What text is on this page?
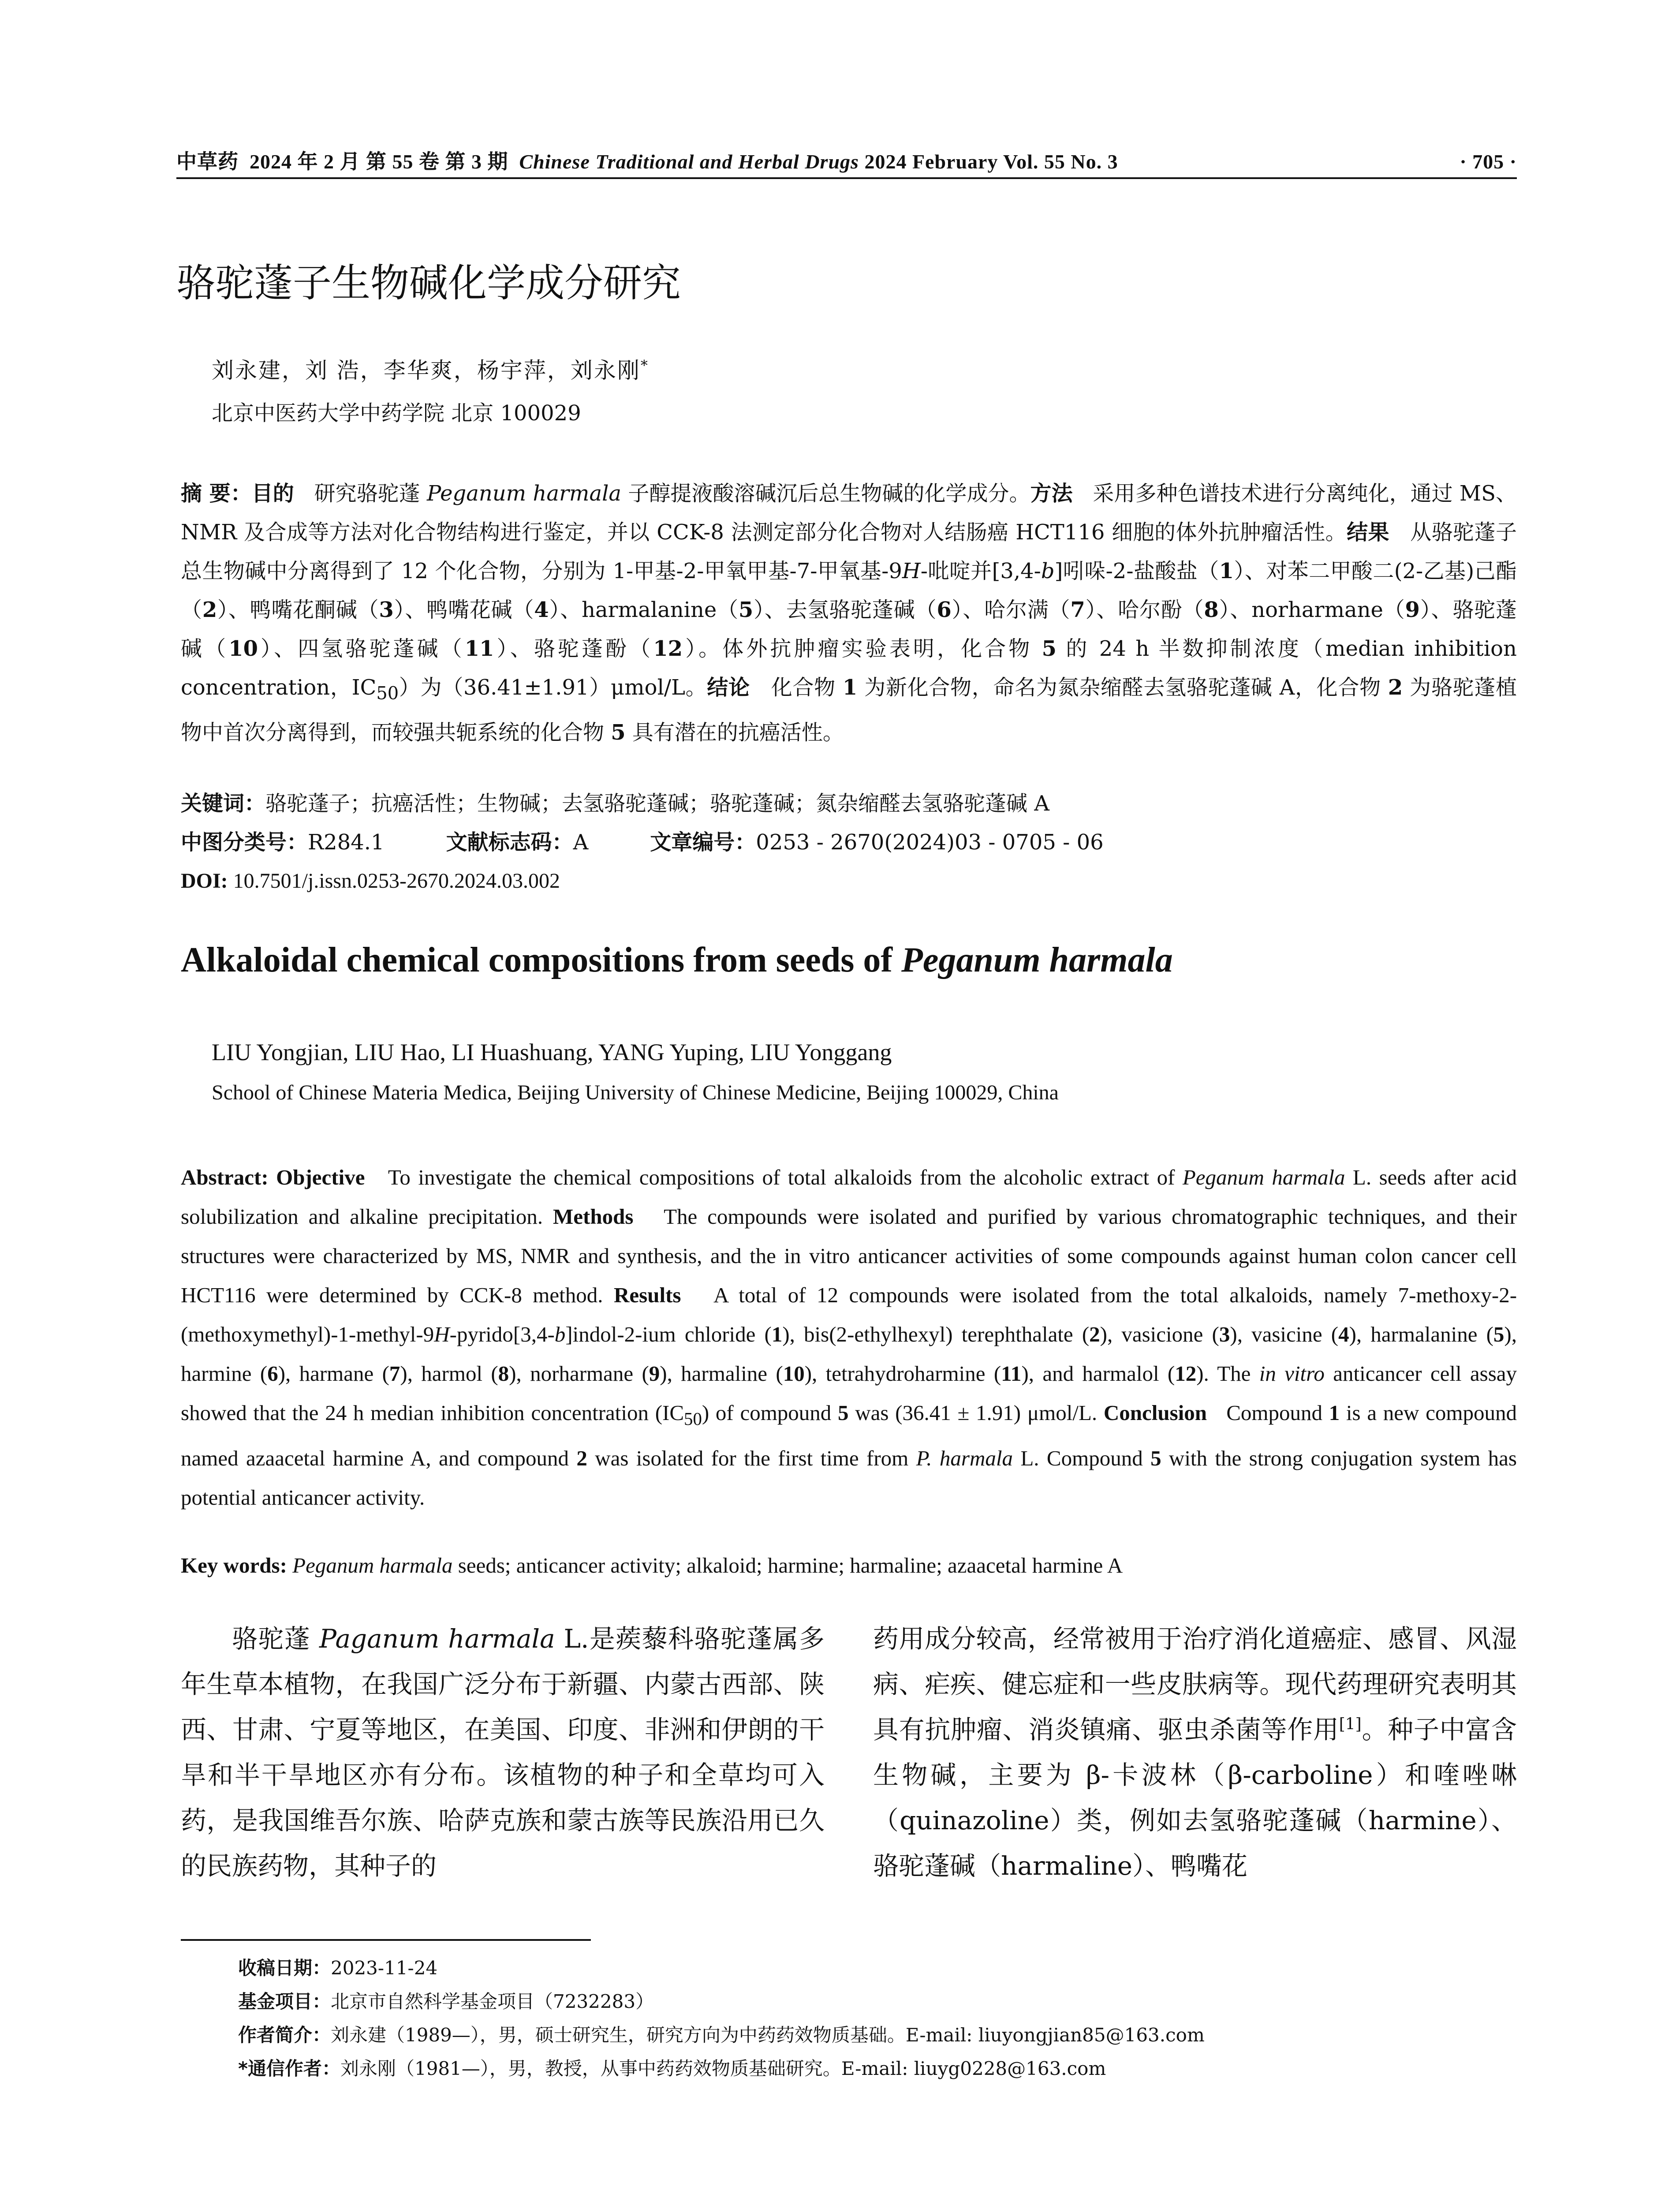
中草药 2024 年 2 月 第 55 卷 第 3 期 Chinese Traditional and Herbal Drugs 2024 February Vol. 55 No. 3	· 705 ·
骆驼蓬子生物碱化学成分研究
刘永建，刘 浩，李华爽，杨宇萍，刘永刚*
北京中医药大学中药学院 北京 100029
摘 要：目的 研究骆驼蓬 Peganum harmala 子醇提液酸溶碱沉后总生物碱的化学成分。方法 采用多种色谱技术进行分离纯化，通过 MS、NMR 及合成等方法对化合物结构进行鉴定，并以 CCK-8 法测定部分化合物对人结肠癌 HCT116 细胞的体外抗肿瘤活性。结果 从骆驼蓬子总生物碱中分离得到了 12 个化合物，分别为 1-甲基-2-甲氧甲基-7-甲氧基-9H-吡啶并[3,4-b]吲哚-2-盐酸盐（1）、对苯二甲酸二(2-乙基)己酯（2）、鸭嘴花酮碱（3）、鸭嘴花碱（4）、harmalanine（5）、去氢骆驼蓬碱（6）、哈尔满（7）、哈尔酚（8）、norharmane（9）、骆驼蓬碱（10）、四氢骆驼蓬碱（11）、骆驼蓬酚（12）。体外抗肿瘤实验表明，化合物 5 的 24 h 半数抑制浓度（median inhibition concentration，$IC_{50}$）为（36.41±1.91）μmol/L。结论 化合物 1 为新化合物，命名为氮杂缩醛去氢骆驼蓬碱 A，化合物 2 为骆驼蓬植物中首次分离得到，而较强共轭系统的化合物 5 具有潜在的抗癌活性。
关键词：骆驼蓬子；抗癌活性；生物碱；去氢骆驼蓬碱；骆驼蓬碱；氮杂缩醛去氢骆驼蓬碱 A
中图分类号：R284.1	文献标志码：A	文章编号：0253 - 2670(2024)03 - 0705 - 06
DOI: 10.7501/j.issn.0253-2670.2024.03.002
Alkaloidal chemical compositions from seeds of Peganum harmala
LIU Yongjian, LIU Hao, LI Huashuang, YANG Yuping, LIU Yonggang
School of Chinese Materia Medica, Beijing University of Chinese Medicine, Beijing 100029, China
Abstract: Objective To investigate the chemical compositions of total alkaloids from the alcoholic extract of Peganum harmala L. seeds after acid solubilization and alkaline precipitation. Methods The compounds were isolated and purified by various chromatographic techniques, and their structures were characterized by MS, NMR and synthesis, and the in vitro anticancer activities of some compounds against human colon cancer cell HCT116 were determined by CCK-8 method. Results A total of 12 compounds were isolated from the total alkaloids, namely 7-methoxy-2-(methoxymethyl)-1-methyl-9H-pyrido[3,4-b]indol-2-ium chloride (1), bis(2-ethylhexyl) terephthalate (2), vasicione (3), vasicine (4), harmalanine (5), harmine (6), harmane (7), harmol (8), norharmane (9), harmaline (10), tetrahydroharmine (11), and harmalol (12). The in vitro anticancer cell assay showed that the 24 h median inhibition concentration $(IC_{50})$ of compound 5 was (36.41 ± 1.91) μmol/L. Conclusion Compound 1 is a new compound named azaacetal harmine A, and compound 2 was isolated for the first time from P. harmala L. Compound 5 with the strong conjugation system has potential anticancer activity.
Key words: Peganum harmala seeds; anticancer activity; alkaloid; harmine; harmaline; azaacetal harmine A
骆驼蓬 Paganum harmala L.是蒺藜科骆驼蓬属多年生草本植物，在我国广泛分布于新疆、内蒙古西部、陕西、甘肃、宁夏等地区，在美国、印度、非洲和伊朗的干旱和半干旱地区亦有分布。该植物的种子和全草均可入药，是我国维吾尔族、哈萨克族和蒙古族等民族沿用已久的民族药物，其种子的
药用成分较高，经常被用于治疗消化道癌症、感冒、风湿病、疟疾、健忘症和一些皮肤病等。现代药理研究表明其具有抗肿瘤、消炎镇痛、驱虫杀菌等作用[1]。种子中富含生物碱，主要为 β-卡波林（β-carboline）和喹唑啉（quinazoline）类，例如去氢骆驼蓬碱（harmine）、骆驼蓬碱（harmaline）、鸭嘴花
收稿日期：2023-11-24
基金项目：北京市自然科学基金项目（7232283）
作者简介：刘永建（1989—），男，硕士研究生，研究方向为中药药效物质基础。E-mail: liuyongjian85@163.com
*通信作者：刘永刚（1981—），男，教授，从事中药药效物质基础研究。E-mail: liuyg0228@163.com
